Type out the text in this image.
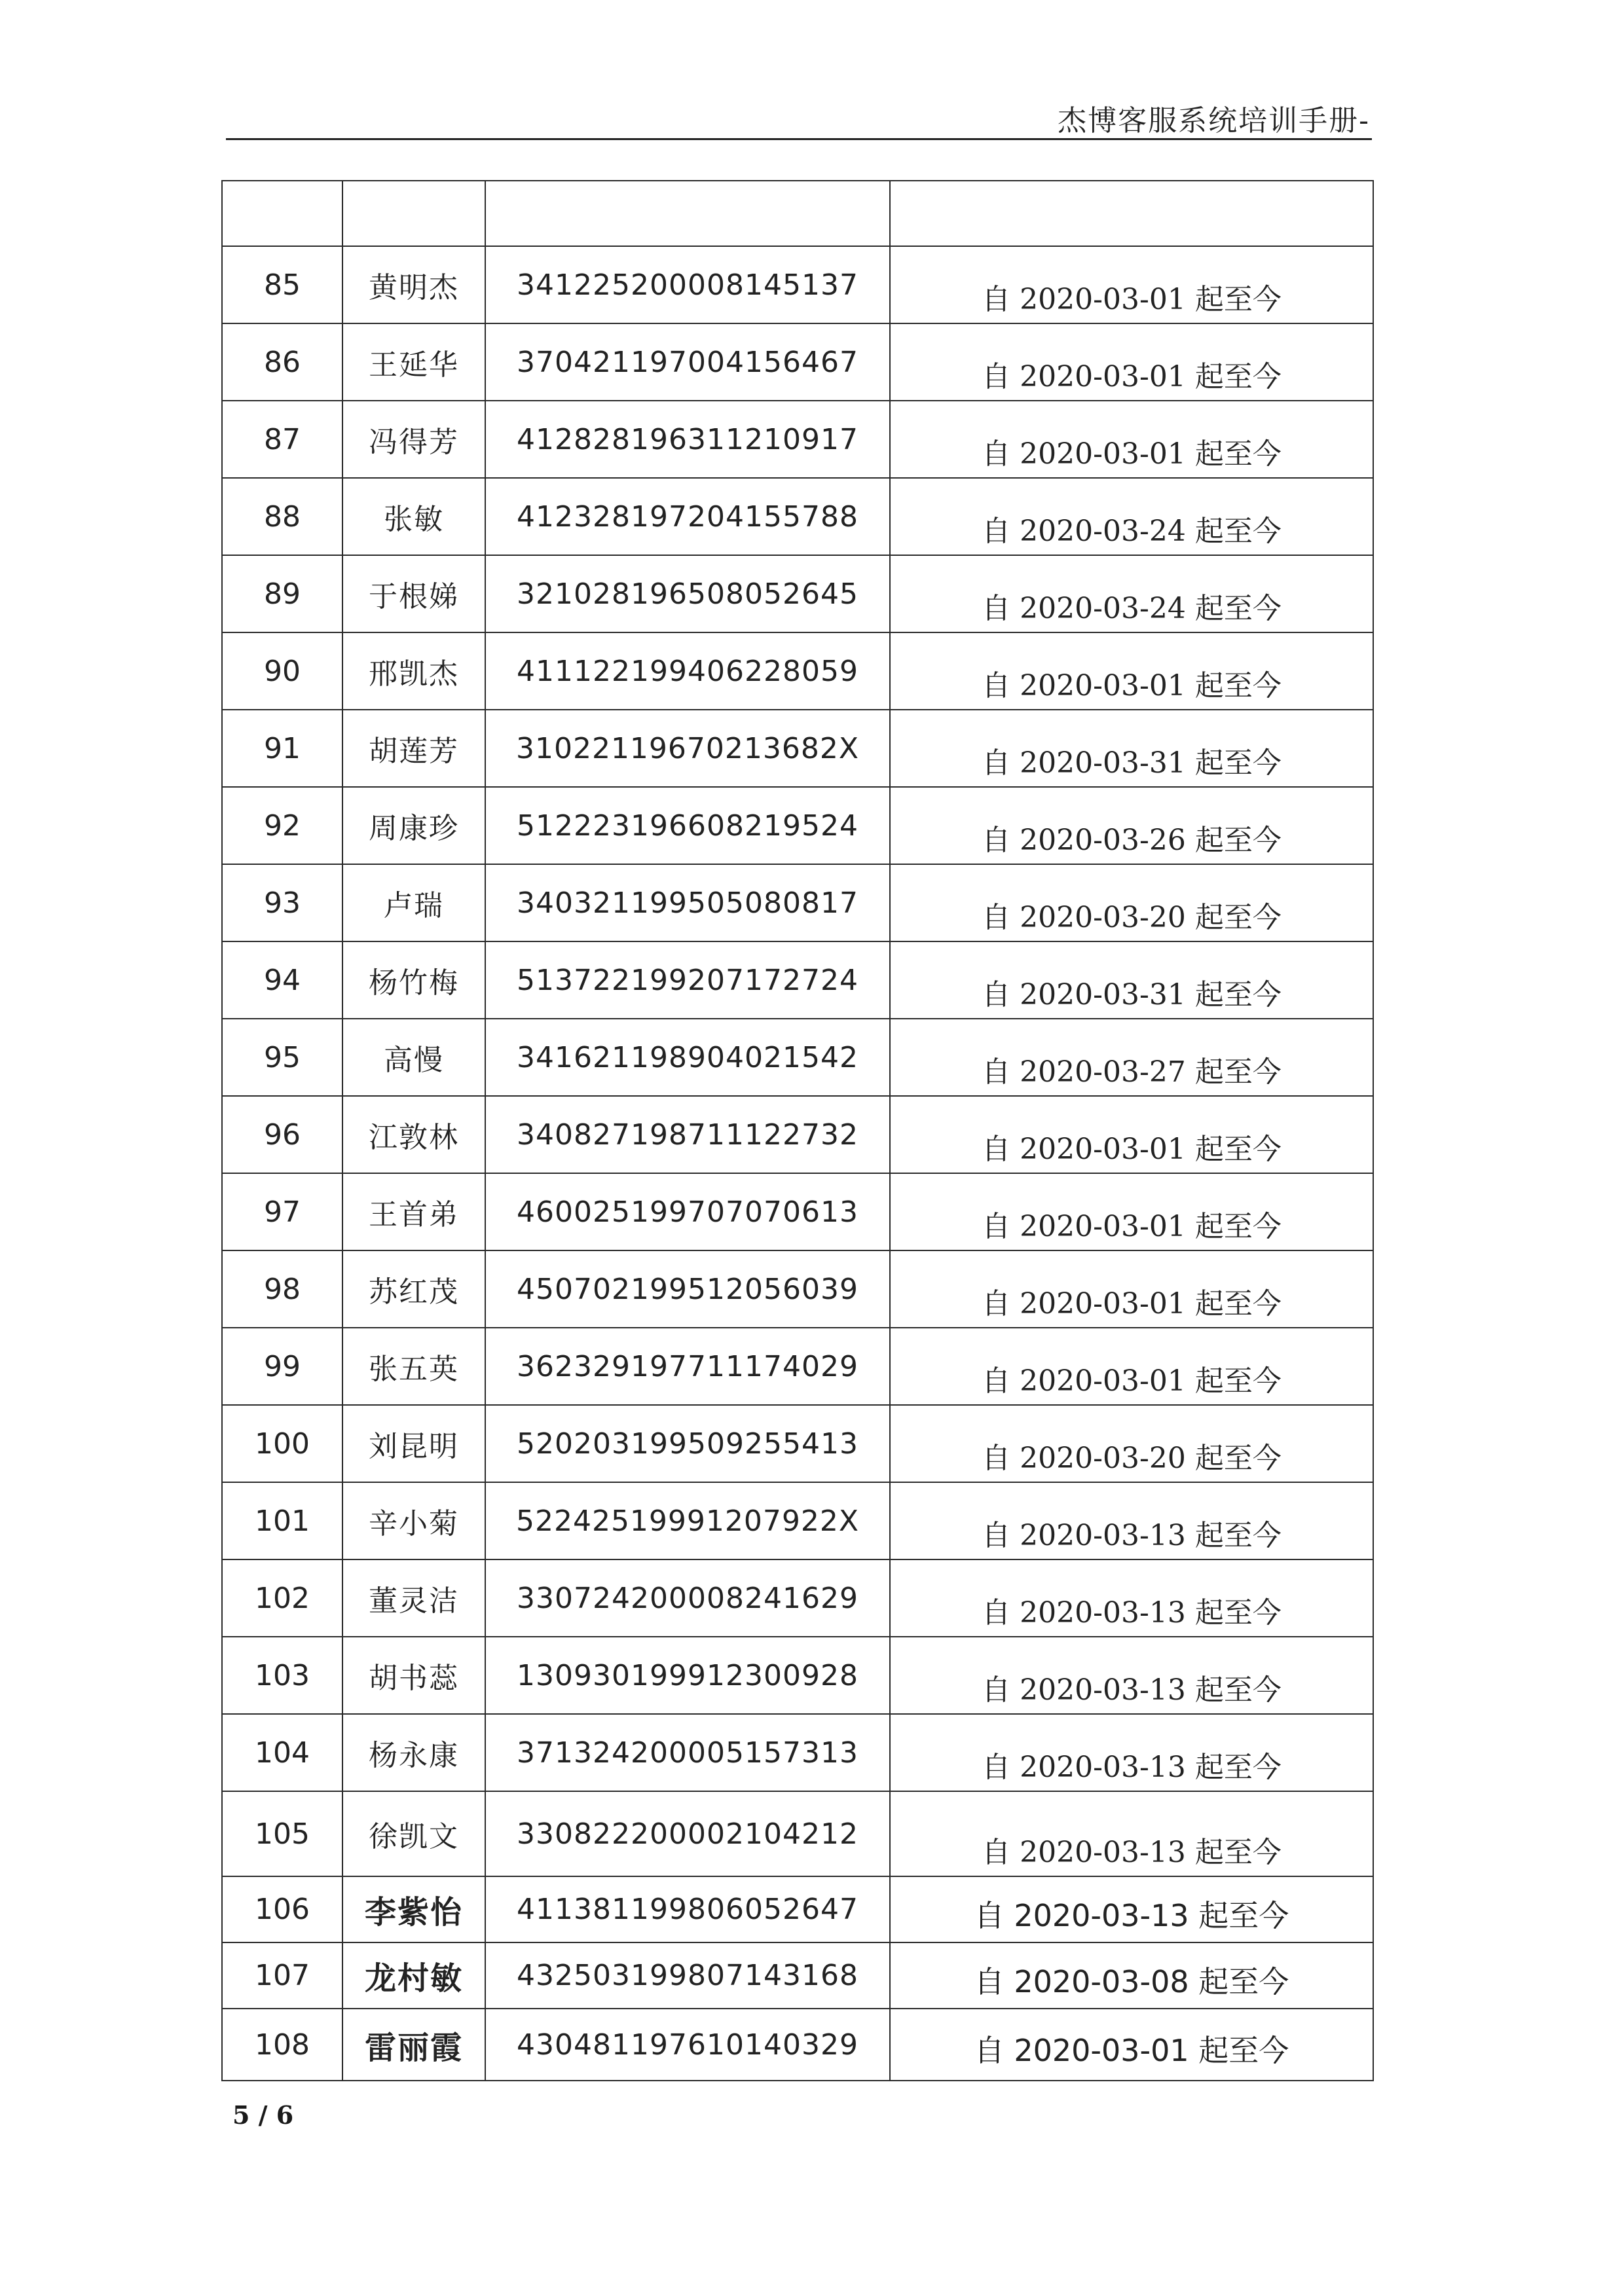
杰博客服系统培训手册-

85	黄明杰	341225200008145137	自 2020-03-01 起至今
86	王延华	370421197004156467	自 2020-03-01 起至今
87	冯得芳	412828196311210917	自 2020-03-01 起至今
88	张敏	412328197204155788	自 2020-03-24 起至今
89	于根娣	321028196508052645	自 2020-03-24 起至今
90	邢凯杰	411122199406228059	自 2020-03-01 起至今
91	胡莲芳	31022119670213682X	自 2020-03-31 起至今
92	周康珍	512223196608219524	自 2020-03-26 起至今
93	卢瑞	340321199505080817	自 2020-03-20 起至今
94	杨竹梅	513722199207172724	自 2020-03-31 起至今
95	高慢	341621198904021542	自 2020-03-27 起至今
96	江敦林	340827198711122732	自 2020-03-01 起至今
97	王首弟	460025199707070613	自 2020-03-01 起至今
98	苏红茂	450702199512056039	自 2020-03-01 起至今
99	张五英	362329197711174029	自 2020-03-01 起至今
100	刘昆明	520203199509255413	自 2020-03-20 起至今
101	辛小菊	52242519991207922X	自 2020-03-13 起至今
102	董灵洁	330724200008241629	自 2020-03-13 起至今
103	胡书蕊	130930199912300928	自 2020-03-13 起至今
104	杨永康	371324200005157313	自 2020-03-13 起至今
105	徐凯文	330822200002104212	自 2020-03-13 起至今
106	李紫怡	411381199806052647	自 2020-03-13 起至今
107	龙村敏	432503199807143168	自 2020-03-08 起至今
108	雷丽霞	430481197610140329	自 2020-03-01 起至今
5 / 6
